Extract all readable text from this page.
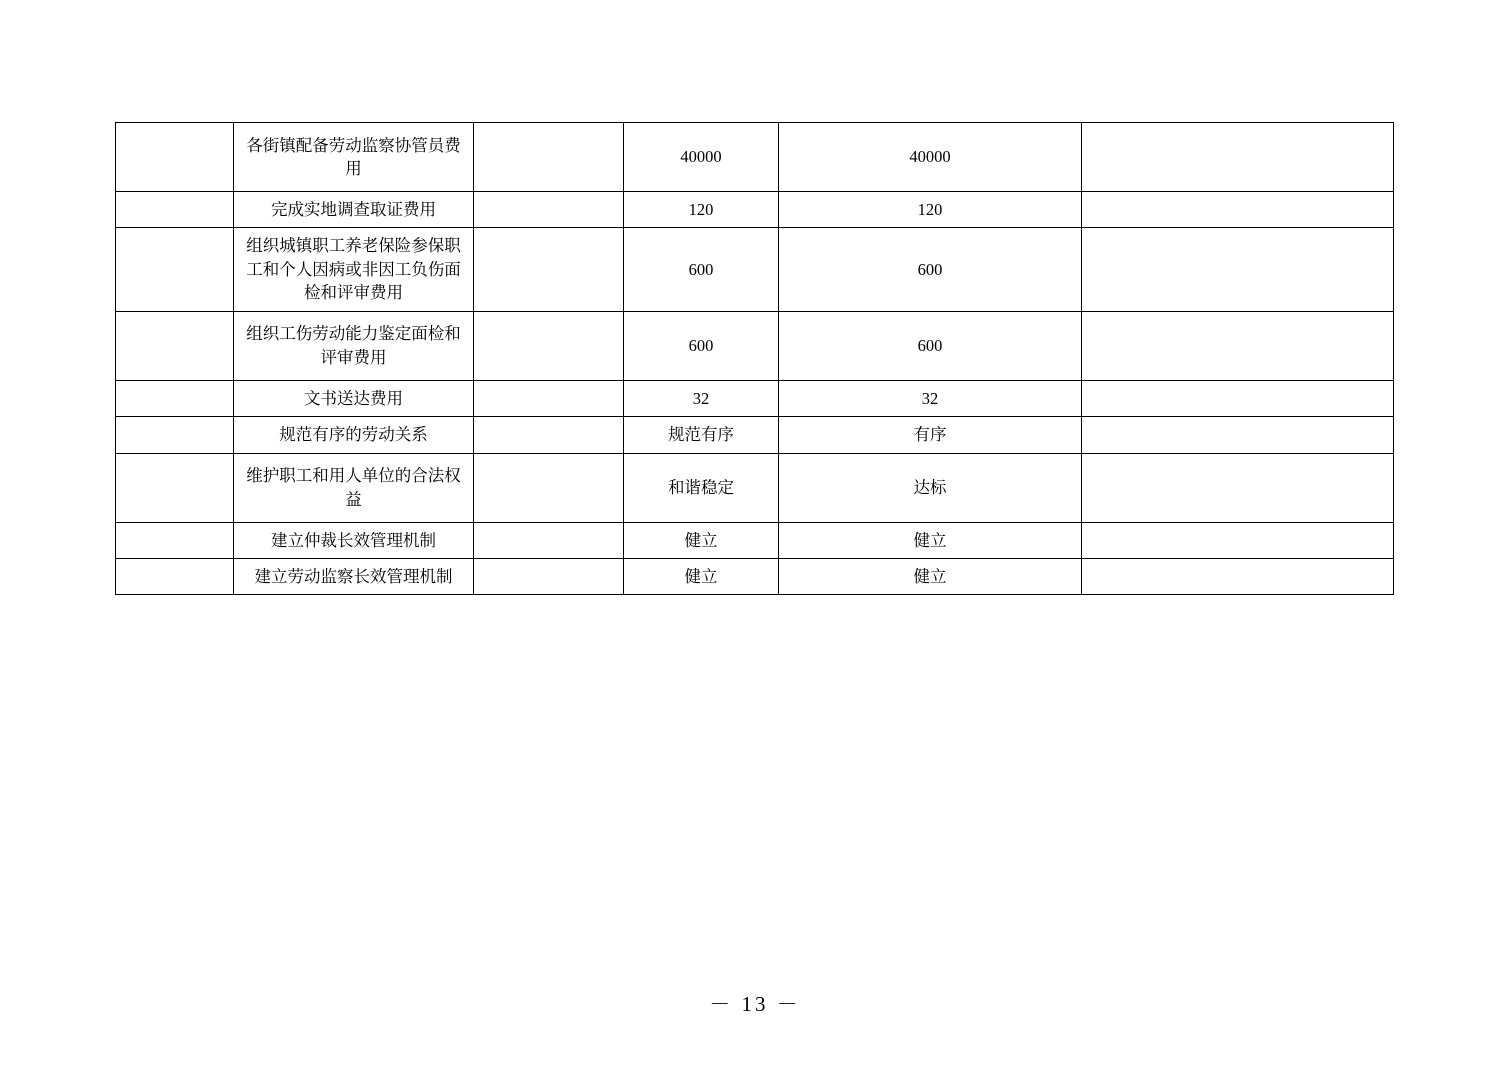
	各街镇配备劳动监察协管员费用		40000	40000	
	完成实地调查取证费用		120	120	
	组织城镇职工养老保险参保职工和个人因病或非因工负伤面检和评审费用		600	600	
	组织工伤劳动能力鉴定面检和评审费用		600	600	
	文书送达费用		32	32	
	规范有序的劳动关系		规范有序	有序	
	维护职工和用人单位的合法权益		和谐稳定	达标	
	建立仲裁长效管理机制		健立	健立	
	建立劳动监察长效管理机制		健立	健立	
－ 13 －
